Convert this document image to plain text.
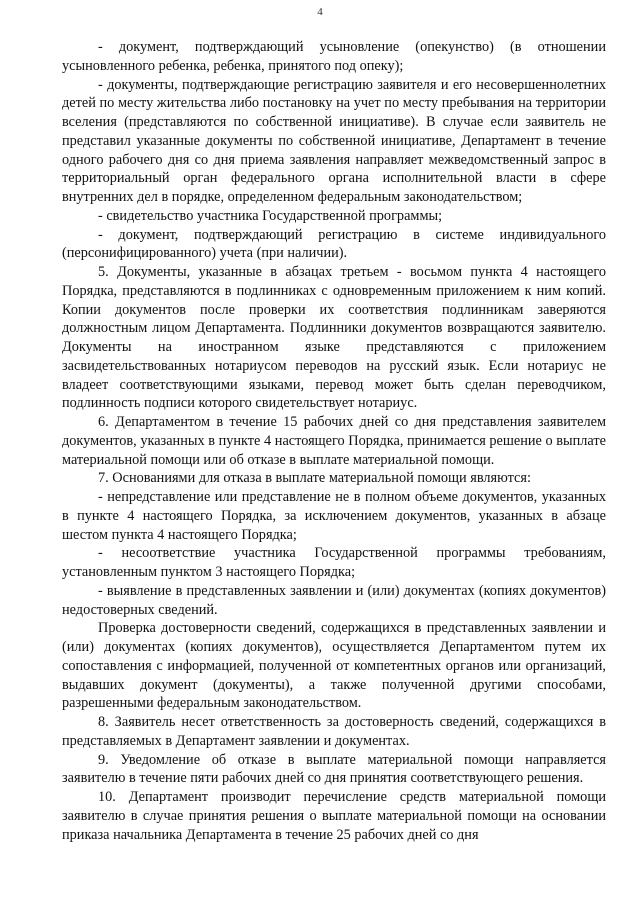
4

- документ, подтверждающий усыновление (опекунство) (в отношении усыновленного ребенка, ребенка, принятого под опеку);

- документы, подтверждающие регистрацию заявителя и его несовершеннолетних детей по месту жительства либо постановку на учет по месту пребывания на территории вселения (представляются по собственной инициативе). В случае если заявитель не представил указанные документы по собственной инициативе, Департамент в течение одного рабочего дня со дня приема заявления направляет межведомственный запрос в территориальный орган федерального органа исполнительной власти в сфере внутренних дел в порядке, определенном федеральным законодательством;

- свидетельство участника Государственной программы;

- документ, подтверждающий регистрацию в системе индивидуального (персонифицированного) учета (при наличии).

5. Документы, указанные в абзацах третьем - восьмом пункта 4 настоящего Порядка, представляются в подлинниках с одновременным приложением к ним копий. Копии документов после проверки их соответствия подлинникам заверяются должностным лицом Департамента. Подлинники документов возвращаются заявителю. Документы на иностранном языке представляются с приложением засвидетельствованных нотариусом переводов на русский язык. Если нотариус не владеет соответствующими языками, перевод может быть сделан переводчиком, подлинность подписи которого свидетельствует нотариус.

6. Департаментом в течение 15 рабочих дней со дня представления заявителем документов, указанных в пункте 4 настоящего Порядка, принимается решение о выплате материальной помощи или об отказе в выплате материальной помощи.

7. Основаниями для отказа в выплате материальной помощи являются:

- непредставление или представление не в полном объеме документов, указанных в пункте 4 настоящего Порядка, за исключением документов, указанных в абзаце шестом пункта 4 настоящего Порядка;

- несоответствие участника Государственной программы требованиям, установленным пунктом 3 настоящего Порядка;

- выявление в представленных заявлении и (или) документах (копиях документов) недостоверных сведений.

Проверка достоверности сведений, содержащихся в представленных заявлении и (или) документах (копиях документов), осуществляется Департаментом путем их сопоставления с информацией, полученной от компетентных органов или организаций, выдавших документ (документы), а также полученной другими способами, разрешенными федеральным законодательством.

8. Заявитель несет ответственность за достоверность сведений, содержащихся в представляемых в Департамент заявлении и документах.

9. Уведомление об отказе в выплате материальной помощи направляется заявителю в течение пяти рабочих дней со дня принятия соответствующего решения.

10. Департамент производит перечисление средств материальной помощи заявителю в случае принятия решения о выплате материальной помощи на основании приказа начальника Департамента в течение 25 рабочих дней со дня
